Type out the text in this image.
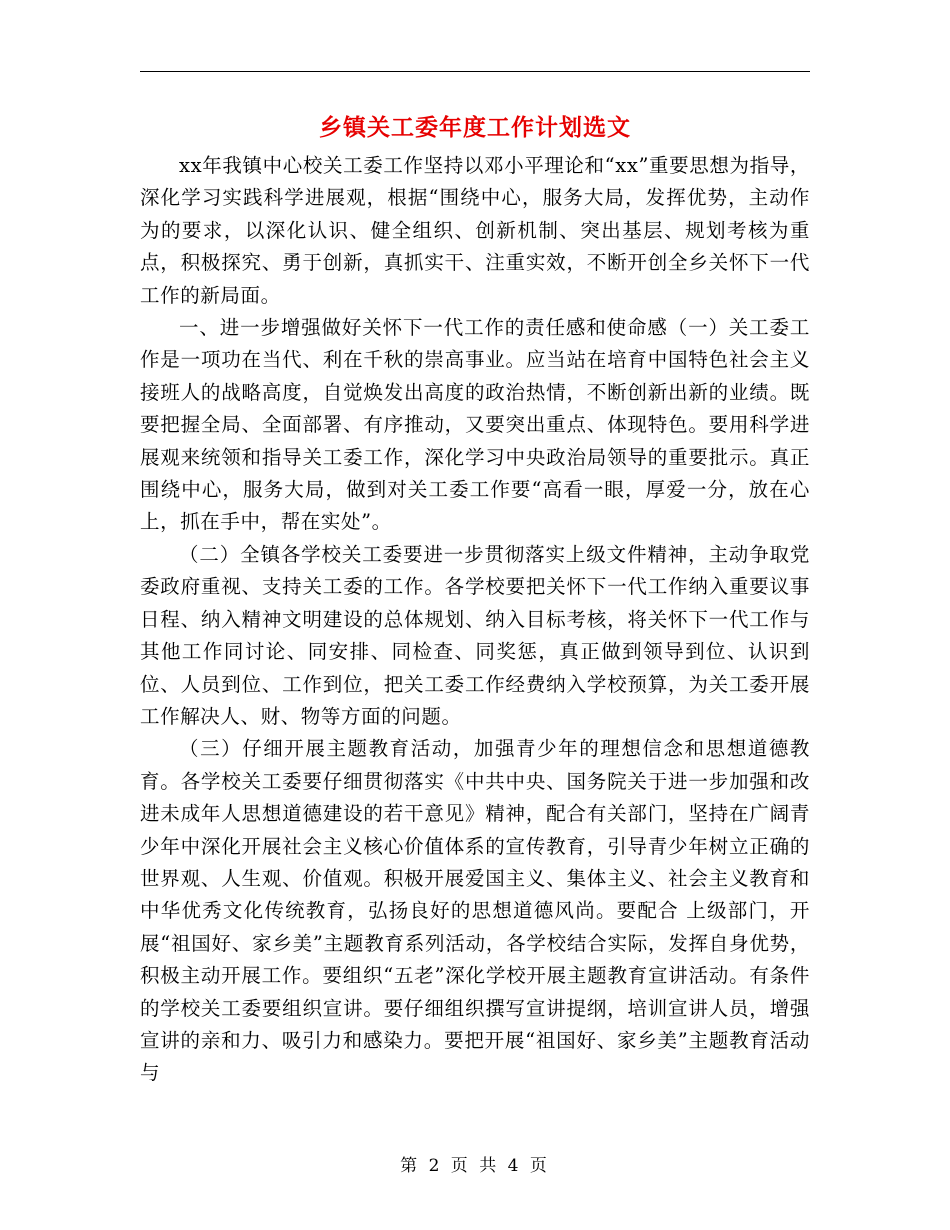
乡镇关工委年度工作计划选文

xx年我镇中心校关工委工作坚持以邓小平理论和“xx”重要思想为指导，深化学习实践科学进展观，根据“围绕中心，服务大局，发挥优势，主动作为的要求，以深化认识、健全组织、创新机制、突出基层、规划考核为重点，积极探究、勇于创新，真抓实干、注重实效，不断开创全乡关怀下一代工作的新局面。

一、进一步增强做好关怀下一代工作的责任感和使命感（一）关工委工作是一项功在当代、利在千秋的崇高事业。应当站在培育中国特色社会主义接班人的战略高度，自觉焕发出高度的政治热情，不断创新出新的业绩。既要把握全局、全面部署、有序推动，又要突出重点、体现特色。要用科学进展观来统领和指导关工委工作，深化学习中央政治局领导的重要批示。真正围绕中心，服务大局，做到对关工委工作要“高看一眼，厚爱一分，放在心上，抓在手中，帮在实处”。

（二）全镇各学校关工委要进一步贯彻落实上级文件精神，主动争取党委政府重视、支持关工委的工作。各学校要把关怀下一代工作纳入重要议事日程、纳入精神文明建设的总体规划、纳入目标考核，将关怀下一代工作与其他工作同讨论、同安排、同检查、同奖惩，真正做到领导到位、认识到位、人员到位、工作到位，把关工委工作经费纳入学校预算，为关工委开展工作解决人、财、物等方面的问题。

（三）仔细开展主题教育活动，加强青少年的理想信念和思想道德教育。各学校关工委要仔细贯彻落实《中共中央、国务院关于进一步加强和改进未成年人思想道德建设的若干意见》精神，配合有关部门，坚持在广阔青少年中深化开展社会主义核心价值体系的宣传教育，引导青少年树立正确的世界观、人生观、价值观。积极开展爱国主义、集体主义、社会主义教育和中华优秀文化传统教育，弘扬良好的思想道德风尚。要配合 上级部门，开展“祖国好、家乡美”主题教育系列活动，各学校结合实际，发挥自身优势，积极主动开展工作。要组织“五老”深化学校开展主题教育宣讲活动。有条件的学校关工委要组织宣讲。要仔细组织撰写宣讲提纲，培训宣讲人员，增强宣讲的亲和力、吸引力和感染力。要把开展“祖国好、家乡美”主题教育活动与

第 2 页 共 4 页
